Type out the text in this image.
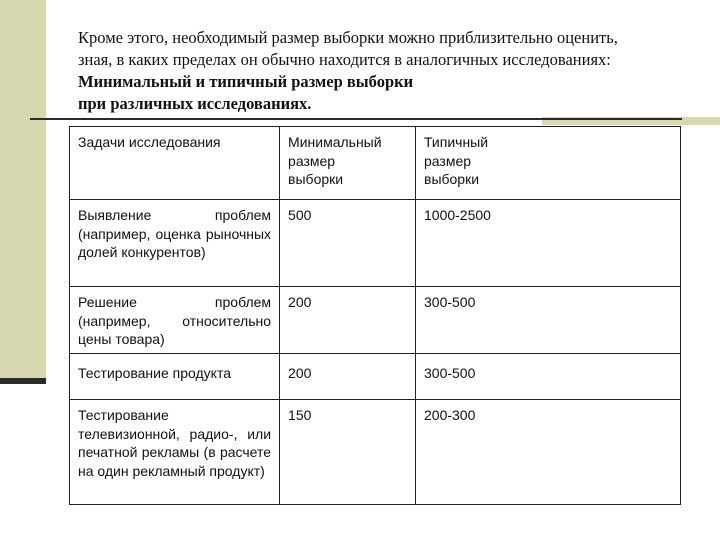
Кроме этого, необходимый размер выборки можно приблизительно оценить,
зная, в каких пределах он обычно находится в аналогичных исследованиях:
Минимальный и типичный размер выборки
при различных исследованиях.
Задачи исследования	Минимальный размер выборки	Типичный размер выборки
Выявление проблем (например, оценка рыночных долей конкурентов)	500	1000-2500
Решение проблем (например, относительно цены товара)	200	300-500
Тестирование продукта	200	300-500
Тестирование телевизионной, радио-, или печатной рекламы (в расчете на один рекламный продукт)	150	200-300
